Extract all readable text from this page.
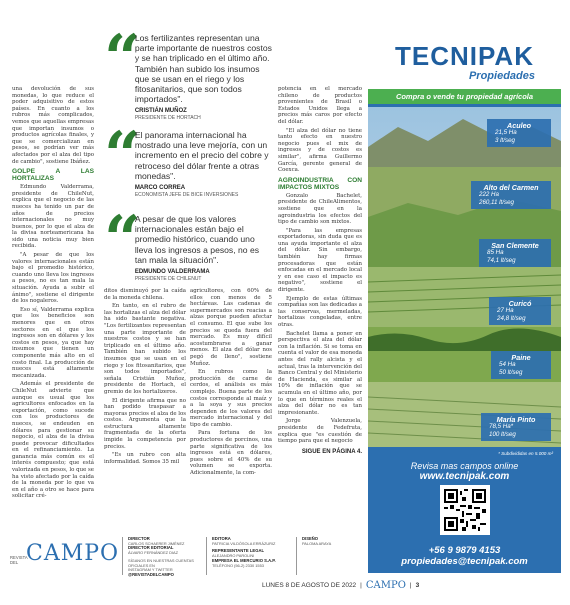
una devolución de sus monedas, lo que reduce el poder adquisitivo de estos países. En cuanto a los rubros más complicados, vemos que aquellas empresas que importan insumos o productos agrícolas finales, y que se comercializan en pesos, se podrían ver más afectados por el alza del tipo de cambio", sostiene Ibáñez.

GOLPE A LAS HORTALIZAS

Edmundo Valderrama, presidente de ChileNut, explica que el negocio de las nueces ha tenido un par de años de precios internacionales no muy buenos, por lo que el alza de la divisa norteamericana ha sido una noticia muy bien recibida.

"A pesar de que los valores internacionales están bajo el promedio histórico, cuando uno lleva los ingresos a pesos, no es tan mala la situación. Ayuda a subir el ánimo", sostiene el dirigente de los nogaleros.

Eso sí, Valderrama explica que los beneficios son menores que en otros sectores en el que los ingresos son en dólares y los costos en pesos, ya que hay insumos que tienen un componente más alto en el costo final. La producción de nueces está altamente mecanizada.

Además el presidente de ChileNut advierte que aunque es usual que los agricultores enfocados en la exportación, como sucede con los productores de nueces, se endeuden en dólares para gestionar su negocio, el alza de la divisa puede provocar dificultades en el refinanciamiento. La ganancia más común es el interés compuesto; que está valorizada en pesos, lo que se ha visto afectado por la caída de la moneda por lo que va en el año a otro se hace para solicitar cré-

“ Los fertilizantes representan una parte importante de nuestros costos y se han triplicado en el último año. También han subido los insumos que se usan en el riego y los fitosanitarios, que son todos importados".
CRISTIÁN MUÑOZ
PRESIDENTE DE HORTACH
“ El panorama internacional ha mostrado una leve mejoría, con un incremento en el precio del cobre y retroceso del dólar frente a otras monedas".
MARCO CORREA
ECONOMISTA JEFE DE BICE INVERSIONES
“ A pesar de que los valores internacionales están bajo el promedio histórico, cuando uno lleva los ingresos a pesos, no es tan mala la situación".
EDMUNDO VALDERRAMA
PRESIDENTE DE CHILENUT

ditos disminuyó por la caída de la moneda chilena.

En tanto, en el rubro de las hortalizas el alza del dólar ha sido bastante negativa. "Los fertilizantes representan una parte importante de nuestros costos y se han triplicado en el último año. También han subido los insumos que se usan en el riego y los fitosanitarios, que son todos importados", señala Cristián Muñoz, presidente de Hortach, el gremio de los hortalizeros.

El dirigente afirma que no han podido traspasar a mayoras precios el alza de los costos. Argumenta que la estructura altamente fragmentada de la oferta impide la competencia por precios.

"Es un rubro con alta informalidad. Somos 35 mil

agricultores, con 60% de ellos con menos de 5 hectáreas. Las cadenas de supermercados son reacias a alzas porque pueden afectar el consumo. El que sube los precios se queda fuera del mercado. Es muy difícil acostumbrarse a ganar menos. El alza del dólar nos pegó de lleno", sostiene Muñoz.

En rubros como la producción de carne de cerdos, el análisis es más complejo. Buena parte de los costos corresponde al maíz y a la soya y sus precios dependen de los valores del mercado internacional y del tipo de cambio.

Para fortuna de los productores de porcinos, una parte significativa de los ingresos está en dólares, pues sobre el 40% de su volumen se exporta. Adicionalmente, la com-

potencia en el mercado chileno de productos provenientes de Brasil o Estados Unidos llega a precios más caros por efecto del dólar.

"El alza del dólar no tiene tanto efecto en nuestro negocio pues el mix de ingresos y de costos es similar", afirma Guillermo García, gerente general de Coexca.

AGROINDUSTRIA CON IMPACTOS MIXTOS

Gonzalo Bachelet, presidente de ChileAlimentos, sostiene que en la agroindustria los efectos del tipo de cambio son mixtos.

"Para las empresas exportadoras, sin duda que es una ayuda importante el alza del dólar. Sin embargo, también hay firmas procesadoras que están enfocadas en el mercado local y en ese caso el impacto es negativo", sostiene el dirigente.

Ejemplo de estas últimas compañías son las dedicadas a las conservas, mermeladas, hortalizas congeladas, entre otras.

Bachelet llama a poner en perspectiva el alza del dólar con la inflación. Si se toma en cuenta el valor de esa moneda antes del rally alcista y el actual, tras la intervención del Banco Central y del Ministerio de Hacienda, es similar al 10% de inflación que se acumula en el último año, por lo que en términos reales el alza del dólar no es tan impresionante.

Jorge Valenzuela, presidente de Fedefruta, explica que "es cuestión de tiempo para que el negocio

SIGUE EN PÁGINA 4.
TECNIPAK
Propiedades
Compra o vende tu propiedad agrícola
Aculeo
21,5 Ha
3 lt/seg
Alto del Carmen
222 Ha
260,11 lt/seg
San Clemente
85 Ha
74,1 lt/seg
Curicó
27 Ha
24,8 lt/seg
Paine
54 Ha
50 lt/seg
María Pinto
78,5 Ha*
100 lt/seg
* Subdivididas en 5.000 m²
Revisa mas campos online
www.tecnipak.com
+56 9 9879 4153
propiedades@tecnipak.com
REVISTA DEL CAMPO
DIRECTOR
CARLOS SCHAERER JIMÉNEZ
DIRECTOR EDITORIAL
ÁLVARO FERNÁNDEZ DIAZ
SÍGANOS EN NUESTRAS CUENTAS OFICIALES EN
INSTAGRAM Y TWITTER
@REVISTADELCAMPO
EDITORA
PATRICIA VILDÓSOLA ERRÁZURIZ
REPRESENTANTE LEGAL
ALEJANDRO PAROLINI
EMPRESA EL MERCURIO S.A.P.
TELÉFONO (56-2) 2330 1553
DISEÑO
PALOMA ARAYA
LUNES 8 DE AGOSTO DE 2022 | CAMPO | 3
